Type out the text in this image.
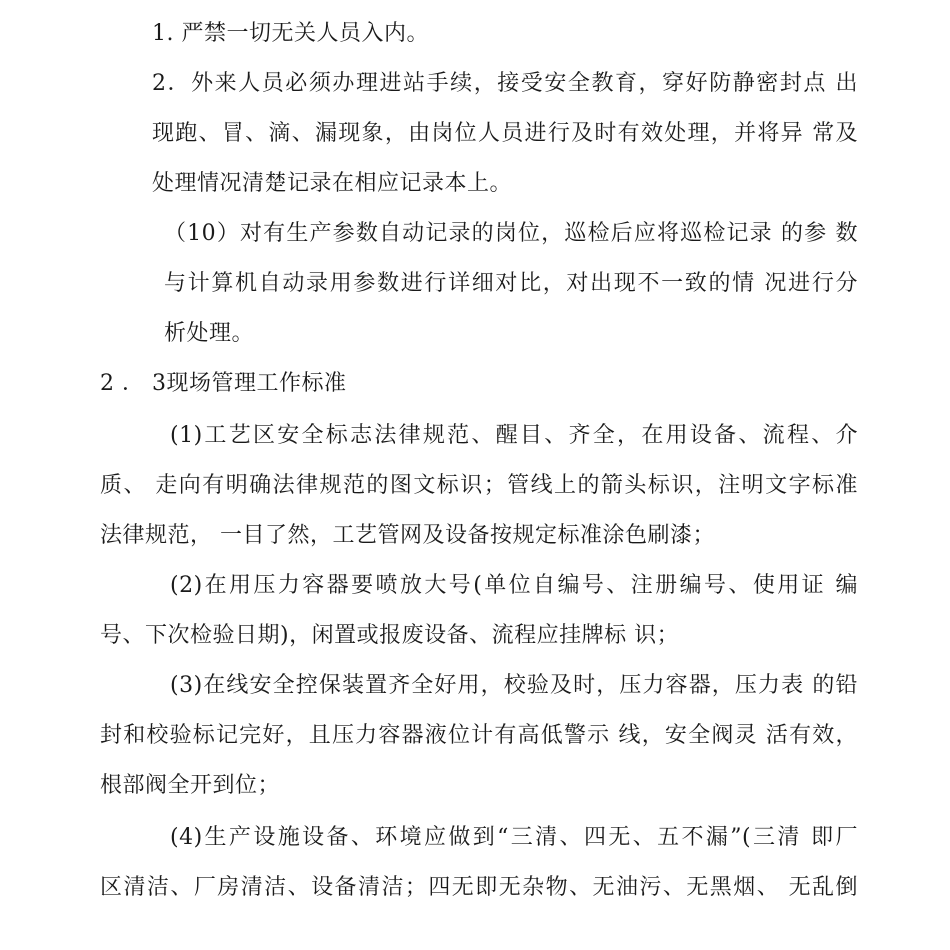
1. 严禁一切无关人员入内。
2．外来人员必须办理进站手续，接受安全教育，穿好防静密封点 出
现跑、冒、滴、漏现象，由岗位人员进行及时有效处理，并将异 常及
处理情况清楚记录在相应记录本上。
（10）对有生产参数自动记录的岗位，巡检后应将巡检记录 的参 数
与计算机自动录用参数进行详细对比，对出现不一致的情 况进行分
析处理。
2 ． 3现场管理工作标准
(1)工艺区安全标志法律规范、醒目、齐全，在用设备、流程、介
质、 走向有明确法律规范的图文标识；管线上的箭头标识，注明文字标准
法律规范， 一目了然，工艺管网及设备按规定标准涂色刷漆；
(2)在用压力容器要喷放大号(单位自编号、注册编号、使用证 编
号、下次检验日期)，闲置或报废设备、流程应挂牌标 识；
(3)在线安全控保装置齐全好用，校验及时，压力容器，压力表 的铅
封和校验标记完好，且压力容器液位计有高低警示 线，安全阀灵 活有效，
根部阀全开到位；
(4)生产设施设备、环境应做到“三清、四无、五不漏”(三清 即厂
区清洁、厂房清洁、设备清洁；四无即无杂物、无油污、无黑烟、 无乱倒
